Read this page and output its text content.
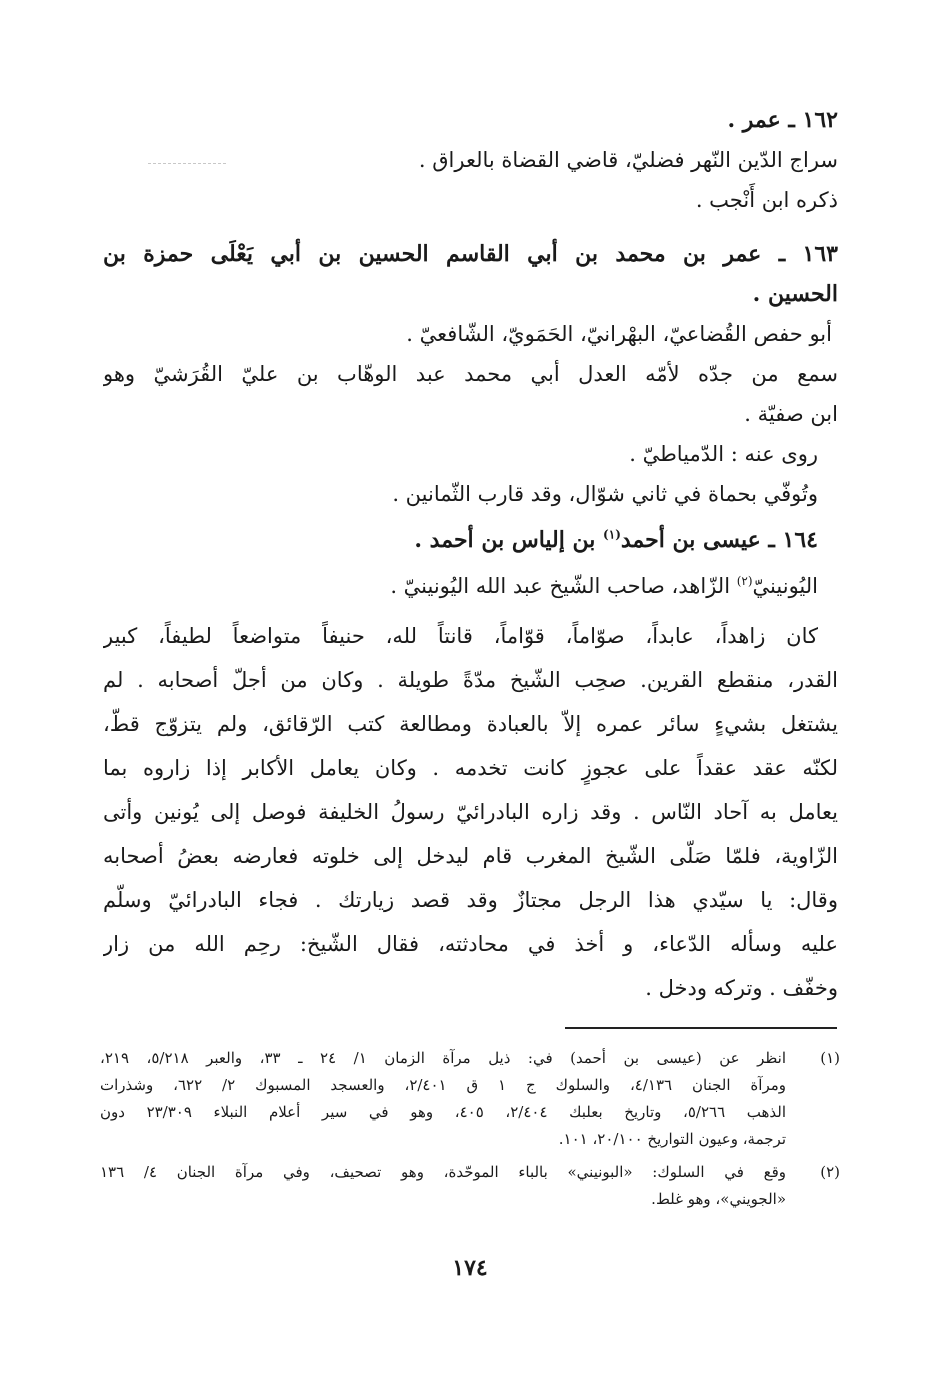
١٦٢ ـ عمر .
سراج الدّين النّهر فضليّ، قاضي القضاة بالعراق .
ذكره ابن أَنْجب .
١٦٣ ـ عمر بن محمد بن أبي القاسم الحسين بن أبي يَعْلَى حمزة بن
الحسين .
أبو حفص القُضاعيّ، البهْرانيّ، الحَمَويّ، الشّافعيّ .
سمع من جدّه لأمّه العدل أبي محمد عبد الوهّاب بن عليّ القُرَشيّ وهو
ابن صفيّة .
روى عنه : الدّمياطيّ .
وتُوفّي بحماة في ثاني شوّال، وقد قارب الثّمانين .
١٦٤ ـ عيسى بن أحمد$^{(١)}$ بن إلياس بن أحمد .
اليُونينيّ$^{(٢)}$ الزّاهد، صاحب الشّيخ عبد الله اليُونينيّ .
كان زاهداً، عابداً، صوّاماً، قوّاماً، قانتاً لله، حنيفاً متواضعاً لطيفاً، كبير
القدر، منقطع القرين. صحِب الشّيخ مدّةً طويلة . وكان من أجلّ أصحابه . لم
يشتغل بشيءٍ سائر عمره إلاّ بالعبادة ومطالعة كتب الرّقائق، ولم يتزوّج قطّ،
لكنّه عقد عقداً على عجوزٍ كانت تخدمه . وكان يعامل الأكابر إذا زاروه بما
يعامل به آحاد النّاس . وقد زاره البادرائيّ رسولُ الخليفة فوصل إلى يُونين وأتى
الزّاوية، فلمّا صَلّى الشّيخ المغرب قام ليدخل إلى خلوته فعارضه بعضُ أصحابه
وقال: يا سيّدي هذا الرجل مجتازٌ وقد قصد زيارتك . فجاء البادرائيّ وسلّم
عليه وسأله الدّعاء، و أخذ في محادثته، فقال الشّيخ: رحِم الله من زار
وخفّف . وتركه ودخل .
(١)
انظر عن (عيسى بن أحمد) في: ذيل مرآة الزمان ١/ ٢٤ ـ ٣٣، والعبر ٥/٢١٨، ٢١٩،
ومرآة الجنان ٤/١٣٦، والسلوك ج ١ ق ٢/٤٠١، والعسجد المسبوك ٢/ ٦٢٢، وشذرات
الذهب ٥/٢٦٦، وتاريخ بعلبك ٢/٤٠٤، ٤٠٥، وهو في سير أعلام النبلاء ٢٣/٣٠٩ دون
ترجمة، وعيون التواريخ ٢٠/١٠٠، ١٠١.
(٢)
وقع في السلوك: «البونيني» بالباء الموحّدة، وهو تصحيف، وفي مرآة الجنان ٤/ ١٣٦
«الجويني»، وهو غلط.
١٧٤
